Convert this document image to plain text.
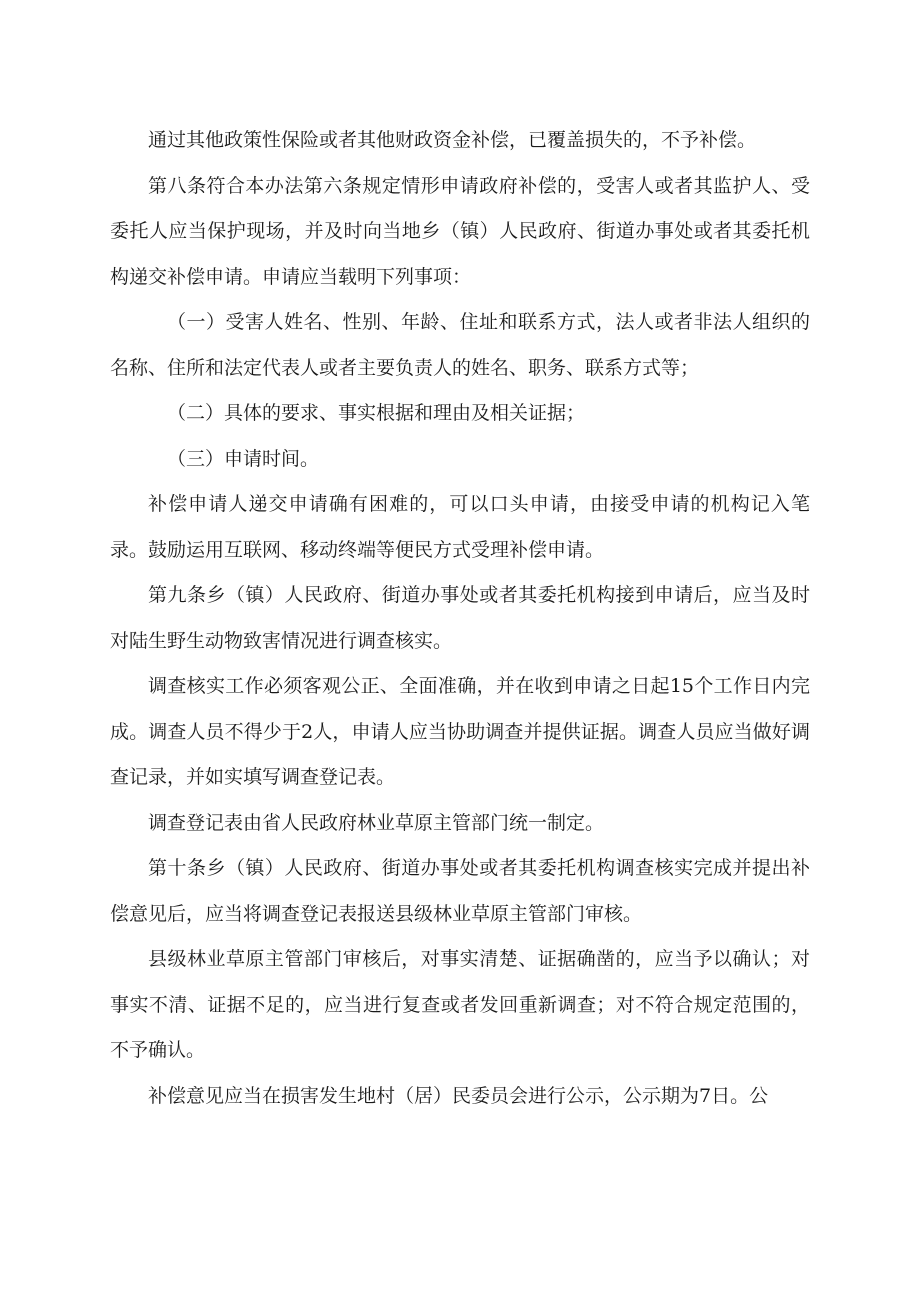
通过其他政策性保险或者其他财政资金补偿，已覆盖损失的，不予补偿。

第八条符合本办法第六条规定情形申请政府补偿的，受害人或者其监护人、受委托人应当保护现场，并及时向当地乡（镇）人民政府、街道办事处或者其委托机构递交补偿申请。申请应当载明下列事项：

（一）受害人姓名、性别、年龄、住址和联系方式，法人或者非法人组织的名称、住所和法定代表人或者主要负责人的姓名、职务、联系方式等；

（二）具体的要求、事实根据和理由及相关证据；

（三）申请时间。

补偿申请人递交申请确有困难的，可以口头申请，由接受申请的机构记入笔录。鼓励运用互联网、移动终端等便民方式受理补偿申请。

第九条乡（镇）人民政府、街道办事处或者其委托机构接到申请后，应当及时对陆生野生动物致害情况进行调查核实。

调查核实工作必须客观公正、全面准确，并在收到申请之日起15个工作日内完成。调查人员不得少于2人，申请人应当协助调查并提供证据。调查人员应当做好调查记录，并如实填写调查登记表。

调查登记表由省人民政府林业草原主管部门统一制定。

第十条乡（镇）人民政府、街道办事处或者其委托机构调查核实完成并提出补偿意见后，应当将调查登记表报送县级林业草原主管部门审核。

县级林业草原主管部门审核后，对事实清楚、证据确凿的，应当予以确认；对事实不清、证据不足的，应当进行复查或者发回重新调查；对不符合规定范围的，不予确认。

补偿意见应当在损害发生地村（居）民委员会进行公示，公示期为7日。公
